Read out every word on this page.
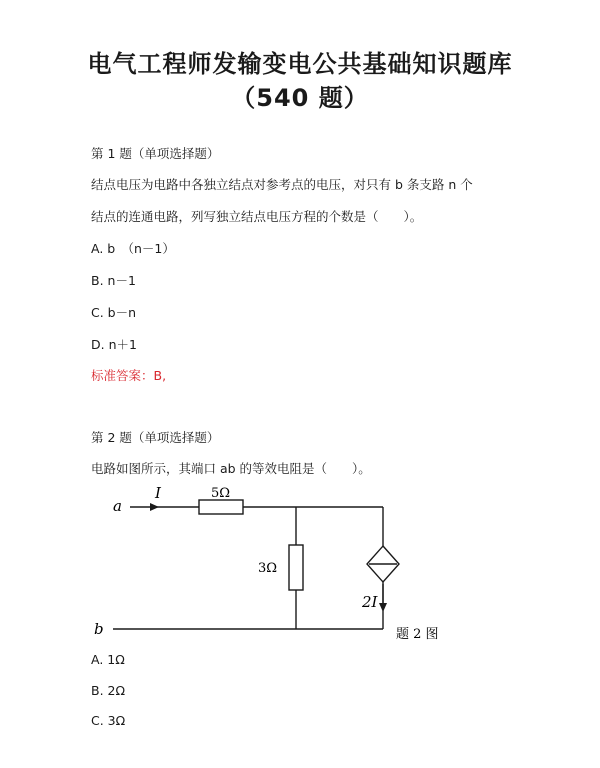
电气工程师发输变电公共基础知识题库
（540 题）
第 1 题（单项选择题）
结点电压为电路中各独立结点对参考点的电压，对只有 b 条支路 n 个
结点的连通电路，列写独立结点电压方程的个数是（　　）。
A. b　（n－1）
B. n－1
C. b－n
D. n＋1
标准答案：B,
第 2 题（单项选择题）
电路如图所示，其端口 ab 的等效电阻是（　　）。
a
b
I	5Ω
3Ω
2I
题 2 图
A. 1Ω
B. 2Ω
C. 3Ω
